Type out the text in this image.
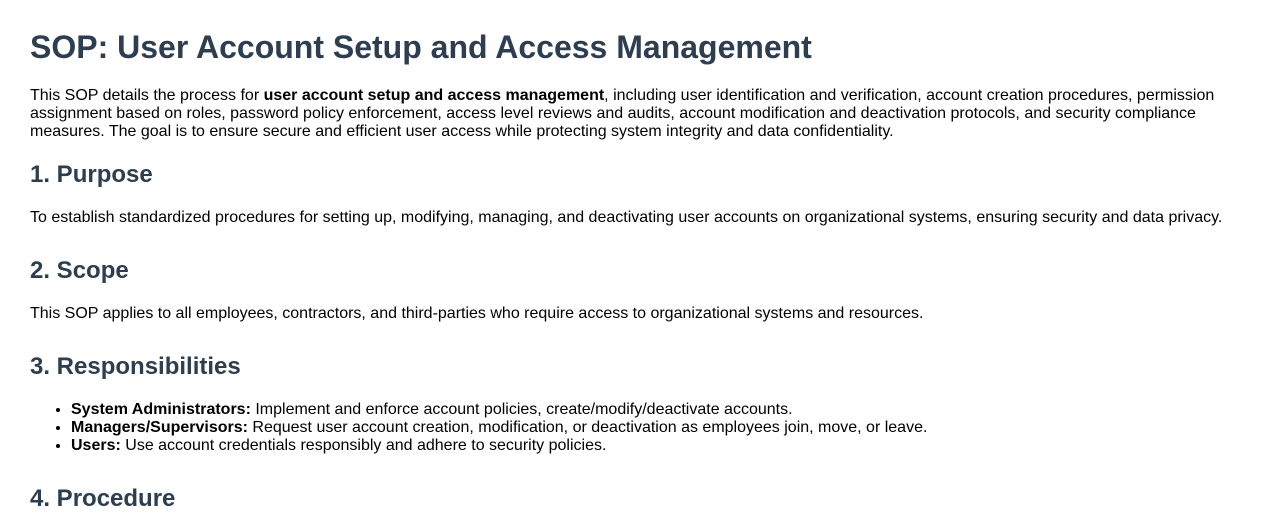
SOP: User Account Setup and Access Management

This SOP details the process for user account setup and access management, including user identification and verification, account creation procedures, permission assignment based on roles, password policy enforcement, access level reviews and audits, account modification and deactivation protocols, and security compliance measures. The goal is to ensure secure and efficient user access while protecting system integrity and data confidentiality.

1. Purpose

To establish standardized procedures for setting up, modifying, managing, and deactivating user accounts on organizational systems, ensuring security and data privacy.

2. Scope

This SOP applies to all employees, contractors, and third-parties who require access to organizational systems and resources.

3. Responsibilities
• System Administrators: Implement and enforce account policies, create/modify/deactivate accounts.
• Managers/Supervisors: Request user account creation, modification, or deactivation as employees join, move, or leave.
• Users: Use account credentials responsibly and adhere to security policies.
4. Procedure
